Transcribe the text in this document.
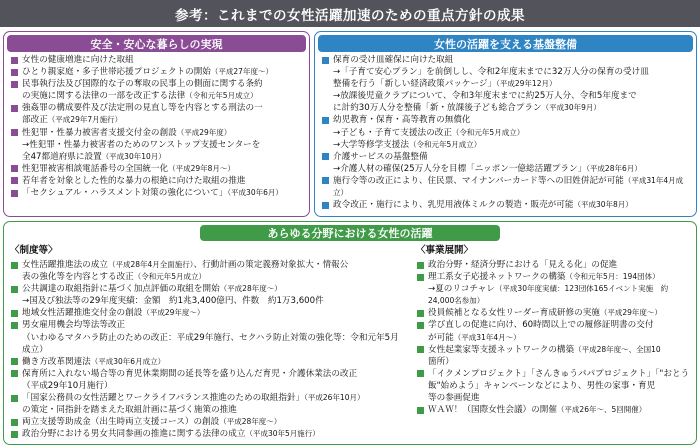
参考：これまでの女性活躍加速のための重点方針の成果
安全・安心な暮らしの実現
女性の健康増進に向けた取組
ひとり親家庭・多子世帯応援プロジェクトの開始（平成27年度〜）
民事執行法及び国際的な子の奪取の民事上の側面に関する条約
の実施に関する法律の一部を改正する法律（令和元年5月成立）
強姦罪の構成要件及び法定刑の見直し等を内容とする刑法の一
部改正（平成29年7月施行）
性犯罪・性暴力被害者支援交付金の創設（平成29年度）
→性犯罪・性暴力被害者のためのワンストップ支援センターを
全47都道府県に設置（平成30年10月）
性犯罪被害相談電話番号の全国統一化（平成29年8月〜）
若年者を対象とした性的な暴力の根絶に向けた取組の推進
「セクシュアル・ハラスメント対策の強化について」（平成30年6月）
女性の活躍を支える基盤整備
保育の受け皿確保に向けた取組
→「子育て安心プラン」を前倒しし、令和2年度末までに32万人分の保育の受け皿
整備を行う「新しい経済政策パッケージ」（平成29年12月）
→放課後児童クラブについて、令和3年度末までに約25万人分、令和5年度まで
に計約30万人分を整備「新・放課後子ども総合プラン（平成30年9月）
幼児教育・保育・高等教育の無償化
→子ども・子育て支援法の改正（令和元年5月成立）
→大学等修学支援法（令和元年5月成立）
介護サービスの基盤整備
→介護人材の確保(25万人分を目標「ニッポン一億総活躍プラン」（平成28年6月）
施行令等の改正により、住民票、マイナンバーカード等への旧姓併記が可能（平成31年4月成立）
政令改正・施行により、乳児用液体ミルクの製造・販売が可能（平成30年8月）
あらゆる分野における女性の活躍
〈制度等〉
女性活躍推進法の成立（平成28年4月全面施行）、行動計画の策定義務対象拡大・情報公
表の強化等を内容とする改正（令和元年5月成立）
公共調達の取組指針に基づく加点評価の取組を開始（平成28年度〜）
→国及び独法等の29年度実績：金額　約1兆3,400億円、件数　約1万3,600件
地域女性活躍推進交付金の創設（平成29年度〜）
男女雇用機会均等法等改正
（いわゆるマタハラ防止のための改正：平成29年施行、セクハラ防止対策の強化等：令和元年5月成立）
働き方改革関連法（平成30年6月成立）
保育所に入れない場合等の育児休業期間の延長等を盛り込んだ育児・介護休業法の改正
（平成29年10月施行）
「国家公務員の女性活躍とワークライフバランス推進のための取組指針」（平成26年10月）
の策定・同指針を踏まえた取組計画に基づく施策の推進
両立支援等助成金（出生時両立支援コース）の創設（平成28年度〜）
政治分野における男女共同参画の推進に関する法律の成立（平成30年5月施行）
〈事業展開〉
政治分野・経済分野における「見える化」の促進
理工系女子応援ネットワークの構築（令和元年5月：194団体）
→夏のリコチャレ（平成30年度実績：123団体165イベント実施　約24,000名参加）
役員候補となる女性リーダー育成研修の実施（平成29年度〜）
学び直しの促進に向け、60時間以上での履修証明書の交付
が可能（平成31年4月〜）
女性起業家等支援ネットワークの構築（平成28年度〜、全国10
箇所）
「イクメンプロジェクト」「さんきゅうパパプロジェクト」「"おとう飯"始めよう」キャンペーンなどにより、男性の家事・育児
等の参画促進
ＷＡＷ！（国際女性会議）の開催（平成26年〜、5回開催）
